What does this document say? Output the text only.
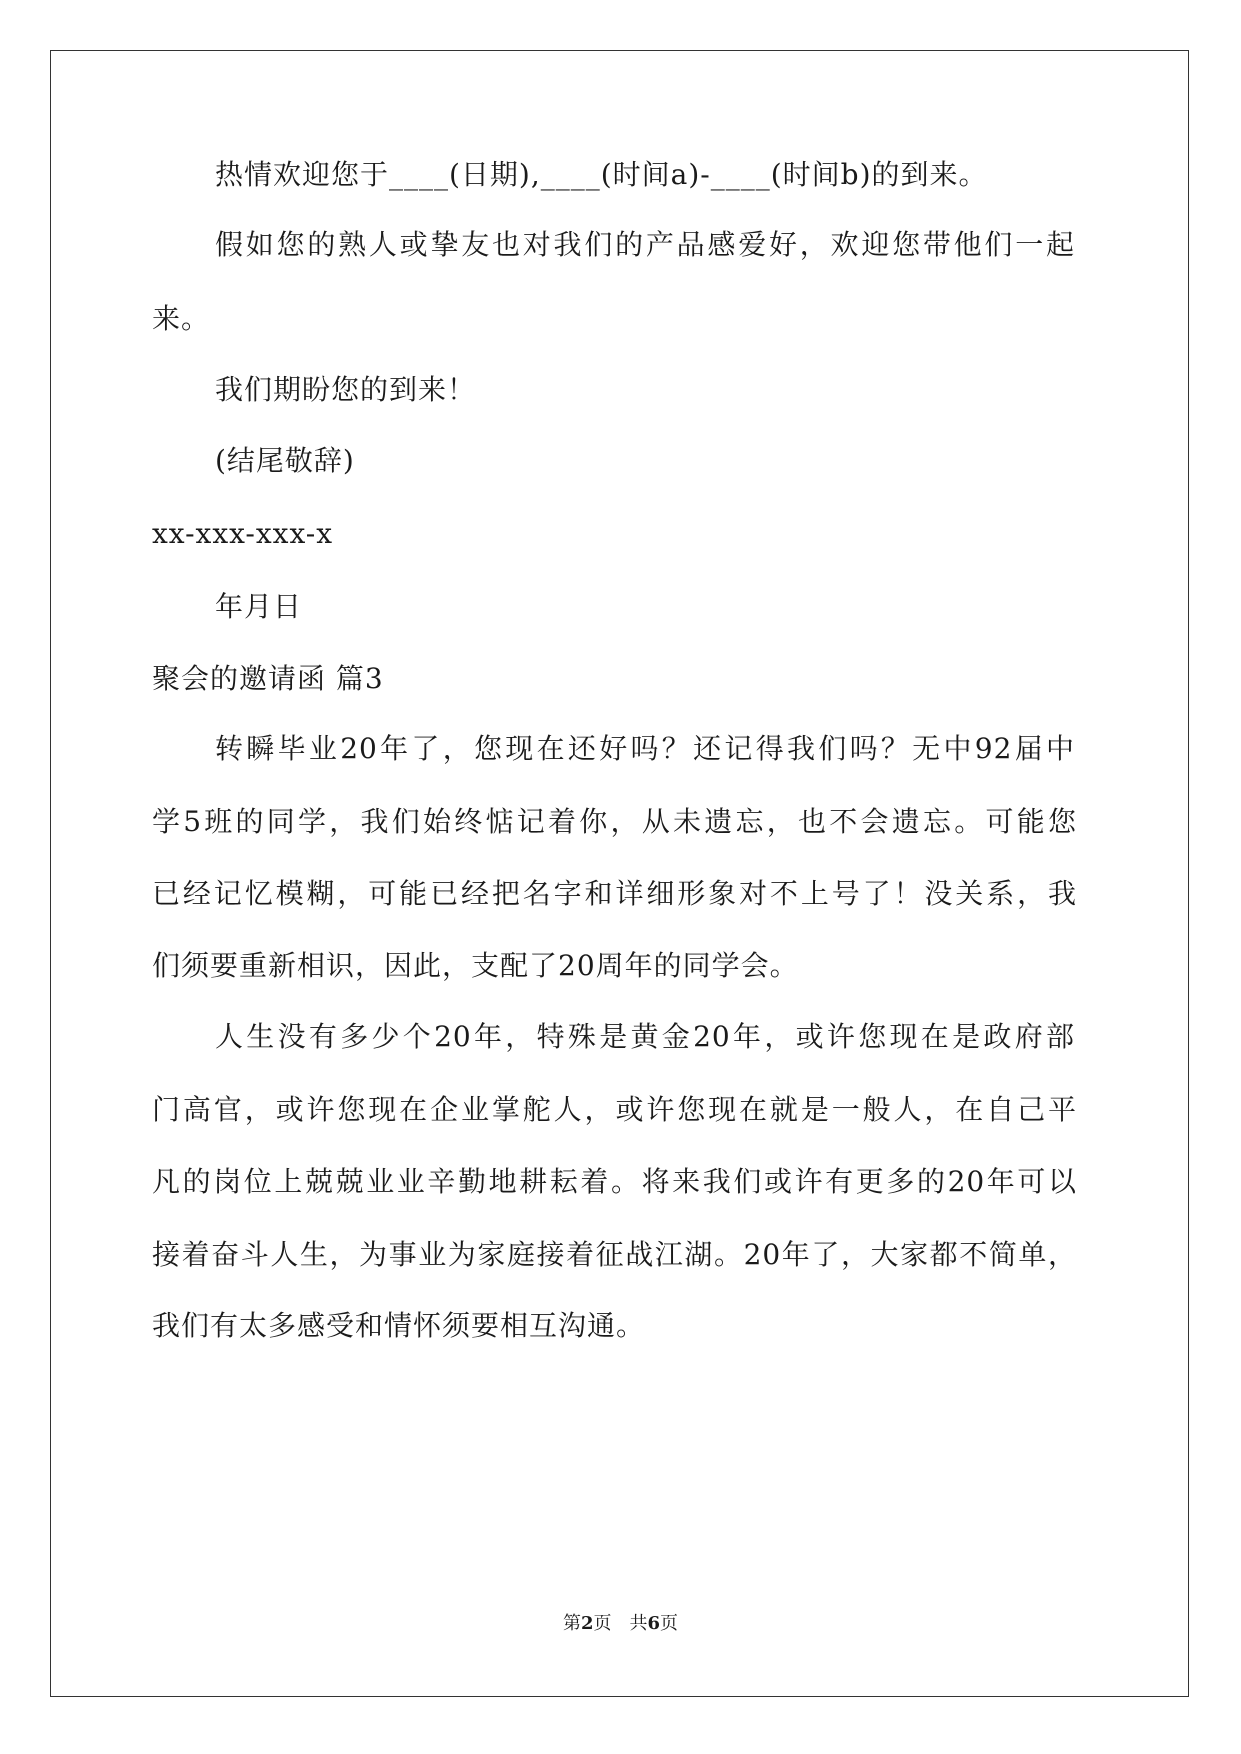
热情欢迎您于____(日期),____(时间a)-____(时间b)的到来。
假如您的熟人或挚友也对我们的产品感爱好，欢迎您带他们一起
来。
我们期盼您的到来！
(结尾敬辞)
xx-xxx-xxx-x
年月日
聚会的邀请函 篇3
转瞬毕业20年了，您现在还好吗？还记得我们吗？无中92届中
学5班的同学，我们始终惦记着你，从未遗忘，也不会遗忘。可能您
已经记忆模糊，可能已经把名字和详细形象对不上号了！没关系，我
们须要重新相识，因此，支配了20周年的同学会。
人生没有多少个20年，特殊是黄金20年，或许您现在是政府部
门高官，或许您现在企业掌舵人，或许您现在就是一般人，在自己平
凡的岗位上兢兢业业辛勤地耕耘着。将来我们或许有更多的20年可以
接着奋斗人生，为事业为家庭接着征战江湖。20年了，大家都不简单，
我们有太多感受和情怀须要相互沟通。
第2页 共6页
